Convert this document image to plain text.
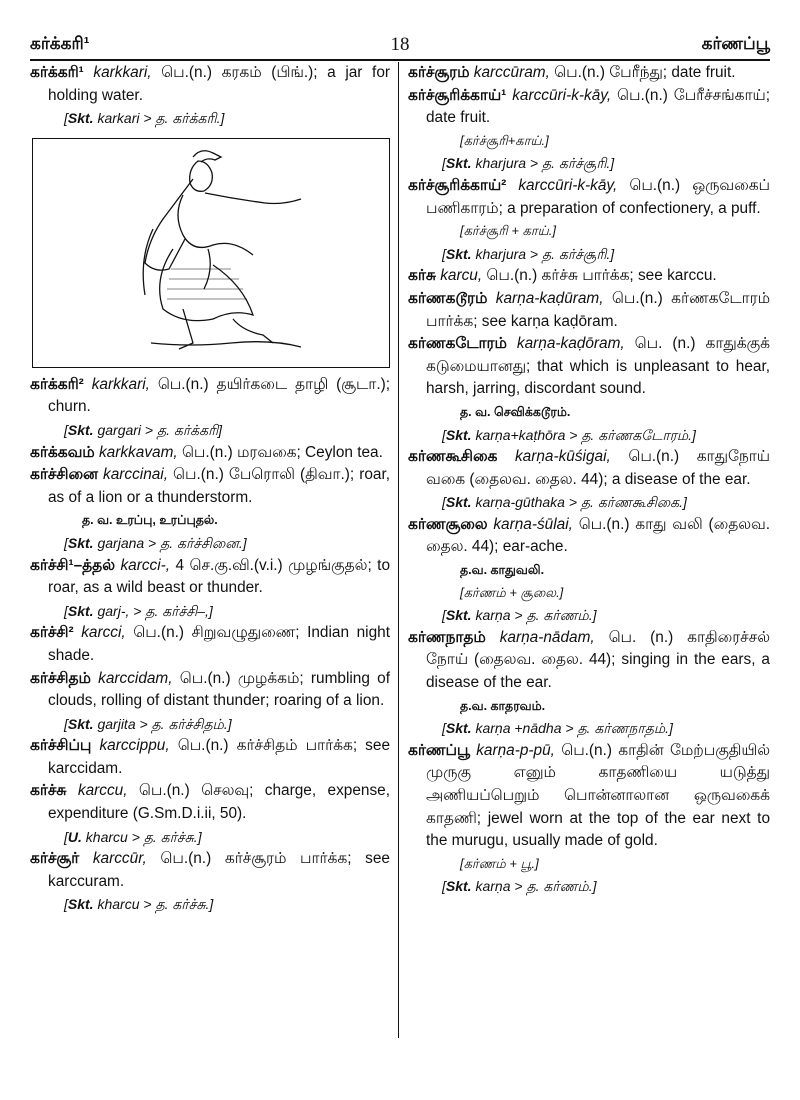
கர்க்கரி¹	18	கர்ணப்பூ

கர்க்கரி¹ karkkari, பெ.(n.) கரகம் (பிங்.); a jar for holding water.

[Skt. karkari > த. கர்க்கரி.]

கர்க்கரி² karkkari, பெ.(n.) தயிர்கடை தாழி (சூடா.); churn.

[Skt. gargari > த. கர்க்கரி]

கர்க்கவம் karkkavam, பெ.(n.) மரவகை; Ceylon tea.

கர்ச்சினை karccinai, பெ.(n.) பேரொலி (திவா.); roar, as of a lion or a thunderstorm.

த. வ. உரப்பு, உரப்புதல்.

[Skt. garjana > த. கர்ச்சினை.]

கர்ச்சி¹–த்தல் karcci-, 4 செ.கு.வி.(v.i.) முழங்குதல்; to roar, as a wild beast or thunder.

[Skt. garj-, > த. கர்ச்சி–,]

கர்ச்சி² karcci, பெ.(n.) சிறுவழுதுணை; Indian night shade.

கர்ச்சிதம் karccidam, பெ.(n.) முழக்கம்; rumbling of clouds, rolling of distant thunder; roaring of a lion.

[Skt. garjita > த. கர்ச்சிதம்.]

கர்ச்சிப்பு karccippu, பெ.(n.) கர்ச்சிதம் பார்க்க; see karccidam.

கர்ச்சு karccu, பெ.(n.) செலவு; charge, expense, expenditure (G.Sm.D.i.ii, 50).

[U. kharcu > த. கர்ச்சு.]

கர்ச்சூர் karccūr, பெ.(n.) கர்ச்சூரம் பார்க்க; see karccuram.

[Skt. kharcu > த. கர்ச்சு.]

கர்ச்சூரம் karccūram, பெ.(n.) பேரீந்து; date fruit.

கர்ச்சூரிக்காய்¹ karccūri-k-kāy, பெ.(n.) பேரீச்சங்காய்; date fruit.

[கர்ச்சூரி+காய்.]

[Skt. kharjura > த. கர்ச்சூரி.]

கர்ச்சூரிக்காய்² karccūri-k-kāy, பெ.(n.) ஒருவகைப் பணிகாரம்; a preparation of confectionery, a puff.

[கர்ச்சூரி + காய்.]

[Skt. kharjura > த. கர்ச்சூரி.]

கர்சு karcu, பெ.(n.) கர்ச்சு பார்க்க; see karccu.

கர்ணகடூரம் karṇa-kaḍūram, பெ.(n.) கர்ணகடோரம் பார்க்க; see karṇa kaḍōram.

கர்ணகடோரம் karṇa-kaḍōram, பெ. (n.) காதுக்குக் கடுமையானது; that which is unpleasant to hear, harsh, jarring, discordant sound.

த. வ. செவிக்கடூரம்.

[Skt. karṇa+kaṭhōra > த. கர்ணகடோரம்.]

கர்ணகூசிகை karṇa-kūśigai, பெ.(n.) காதுநோய் வகை (தைலவ. தைல. 44); a disease of the ear.

[Skt. karṇa-gūthaka > த. கர்ணகூசிகை.]

கர்ணசூலை karṇa-śūlai, பெ.(n.) காது வலி (தைலவ. தைல. 44); ear-ache.

த.வ. காதுவலி.

[கர்ணம் + சூலை.]

[Skt. karṇa > த. கர்ணம்.]

கர்ணநாதம் karṇa-nādam, பெ. (n.) காதிரைச்சல் நோய் (தைலவ. தைல. 44); singing in the ears, a disease of the ear.

த.வ. காதரவம்.

[Skt. karṇa +nādha > த. கர்ணநாதம்.]

கர்ணப்பூ karṇa-p-pū, பெ.(n.) காதின் மேற்பகுதியில் முருகு எனும் காதணியை யடுத்து அணியப்பெறும் பொன்னாலான ஒருவகைக் காதணி; jewel worn at the top of the ear next to the murugu, usually made of gold.

[கர்ணம் + பூ.]

[Skt. karṇa > த. கர்ணம்.]
